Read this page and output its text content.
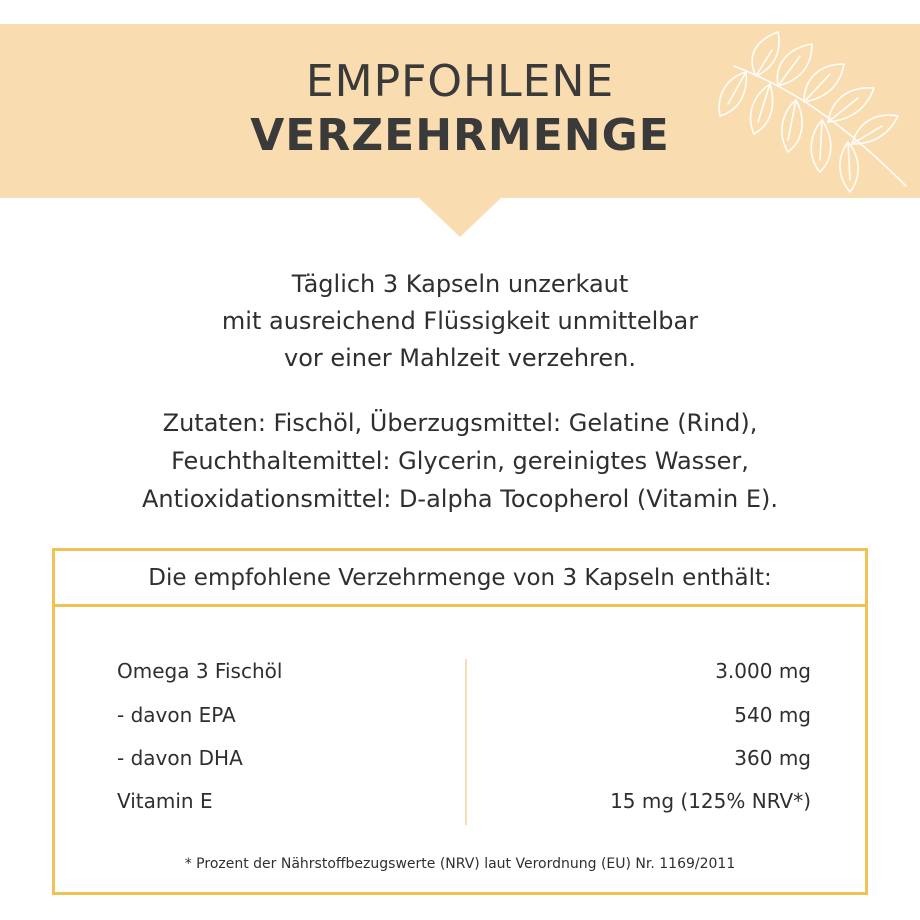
EMPFOHLENE
VERZEHRMENGE
Täglich 3 Kapseln unzerkaut
mit ausreichend Flüssigkeit unmittelbar
vor einer Mahlzeit verzehren.
Zutaten: Fischöl, Überzugsmittel: Gelatine (Rind),
Feuchthaltemittel: Glycerin, gereinigtes Wasser,
Antioxidationsmittel: D-alpha Tocopherol (Vitamin E).
Die empfohlene Verzehrmenge von 3 Kapseln enthält:
Omega 3 Fischöl	3.000 mg
- davon EPA	540 mg
- davon DHA	360 mg
Vitamin E	15 mg (125% NRV*)
* Prozent der Nährstoffbezugswerte (NRV) laut Verordnung (EU) Nr. 1169/2011
